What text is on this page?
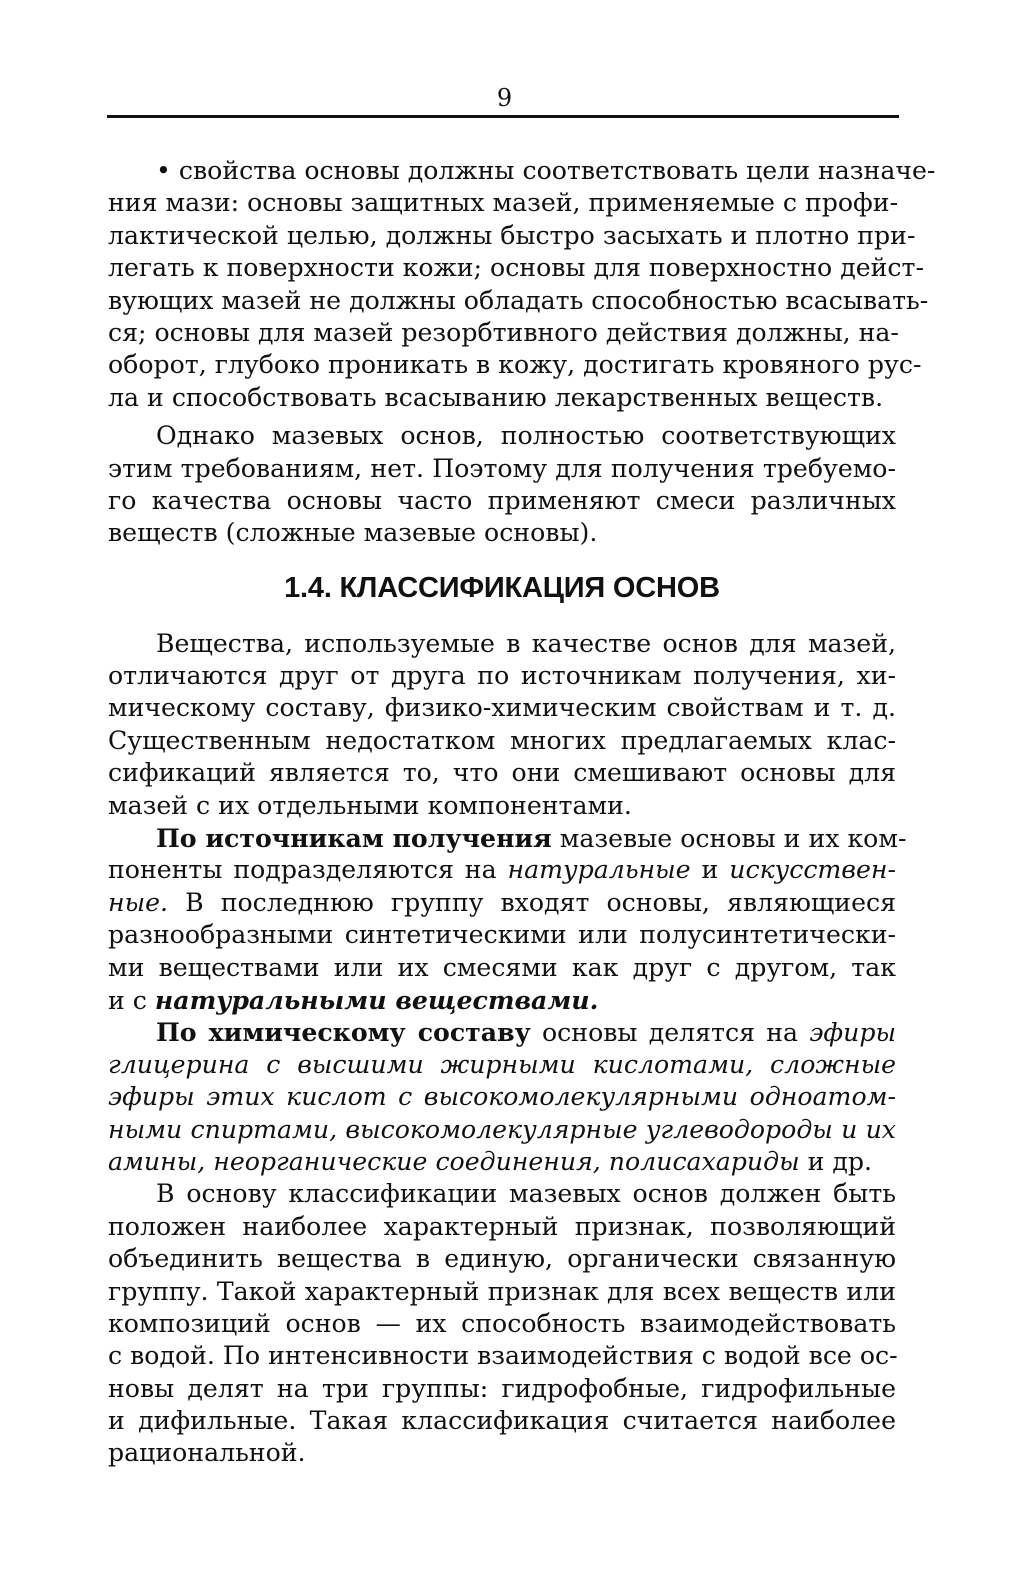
9
• свойства основы должны соответствовать цели назначе-
ния мази: основы защитных мазей, применяемые с профи-
лактической целью, должны быстро засыхать и плотно при-
легать к поверхности кожи; основы для поверхностно дейст-
вующих мазей не должны обладать способностью всасывать-
ся; основы для мазей резорбтивного действия должны, на-
оборот, глубоко проникать в кожу, достигать кровяного рус-
ла и способствовать всасыванию лекарственных веществ.
Однако мазевых основ, полностью соответствующих
этим требованиям, нет. Поэтому для получения требуемо-
го качества основы часто применяют смеси различных
веществ (сложные мазевые основы).
1.4. КЛАССИФИКАЦИЯ ОСНОВ
Вещества, используемые в качестве основ для мазей,
отличаются друг от друга по источникам получения, хи-
мическому составу, физико-химическим свойствам и т. д.
Существенным недостатком многих предлагаемых клас-
сификаций является то, что они смешивают основы для
мазей с их отдельными компонентами.
По источникам получения мазевые основы и их ком-
поненты подразделяются на натуральные и искусствен-
ные. В последнюю группу входят основы, являющиеся
разнообразными синтетическими или полусинтетически-
ми веществами или их смесями как друг с другом, так
и с натуральными веществами.
По химическому составу основы делятся на эфиры
глицерина с высшими жирными кислотами, сложные
эфиры этих кислот с высокомолекулярными одноатом-
ными спиртами, высокомолекулярные углеводороды и их
амины, неорганические соединения, полисахариды и др.
В основу классификации мазевых основ должен быть
положен наиболее характерный признак, позволяющий
объединить вещества в единую, органически связанную
группу. Такой характерный признак для всех веществ или
композиций основ — их способность взаимодействовать
с водой. По интенсивности взаимодействия с водой все ос-
новы делят на три группы: гидрофобные, гидрофильные
и дифильные. Такая классификация считается наиболее
рациональной.
